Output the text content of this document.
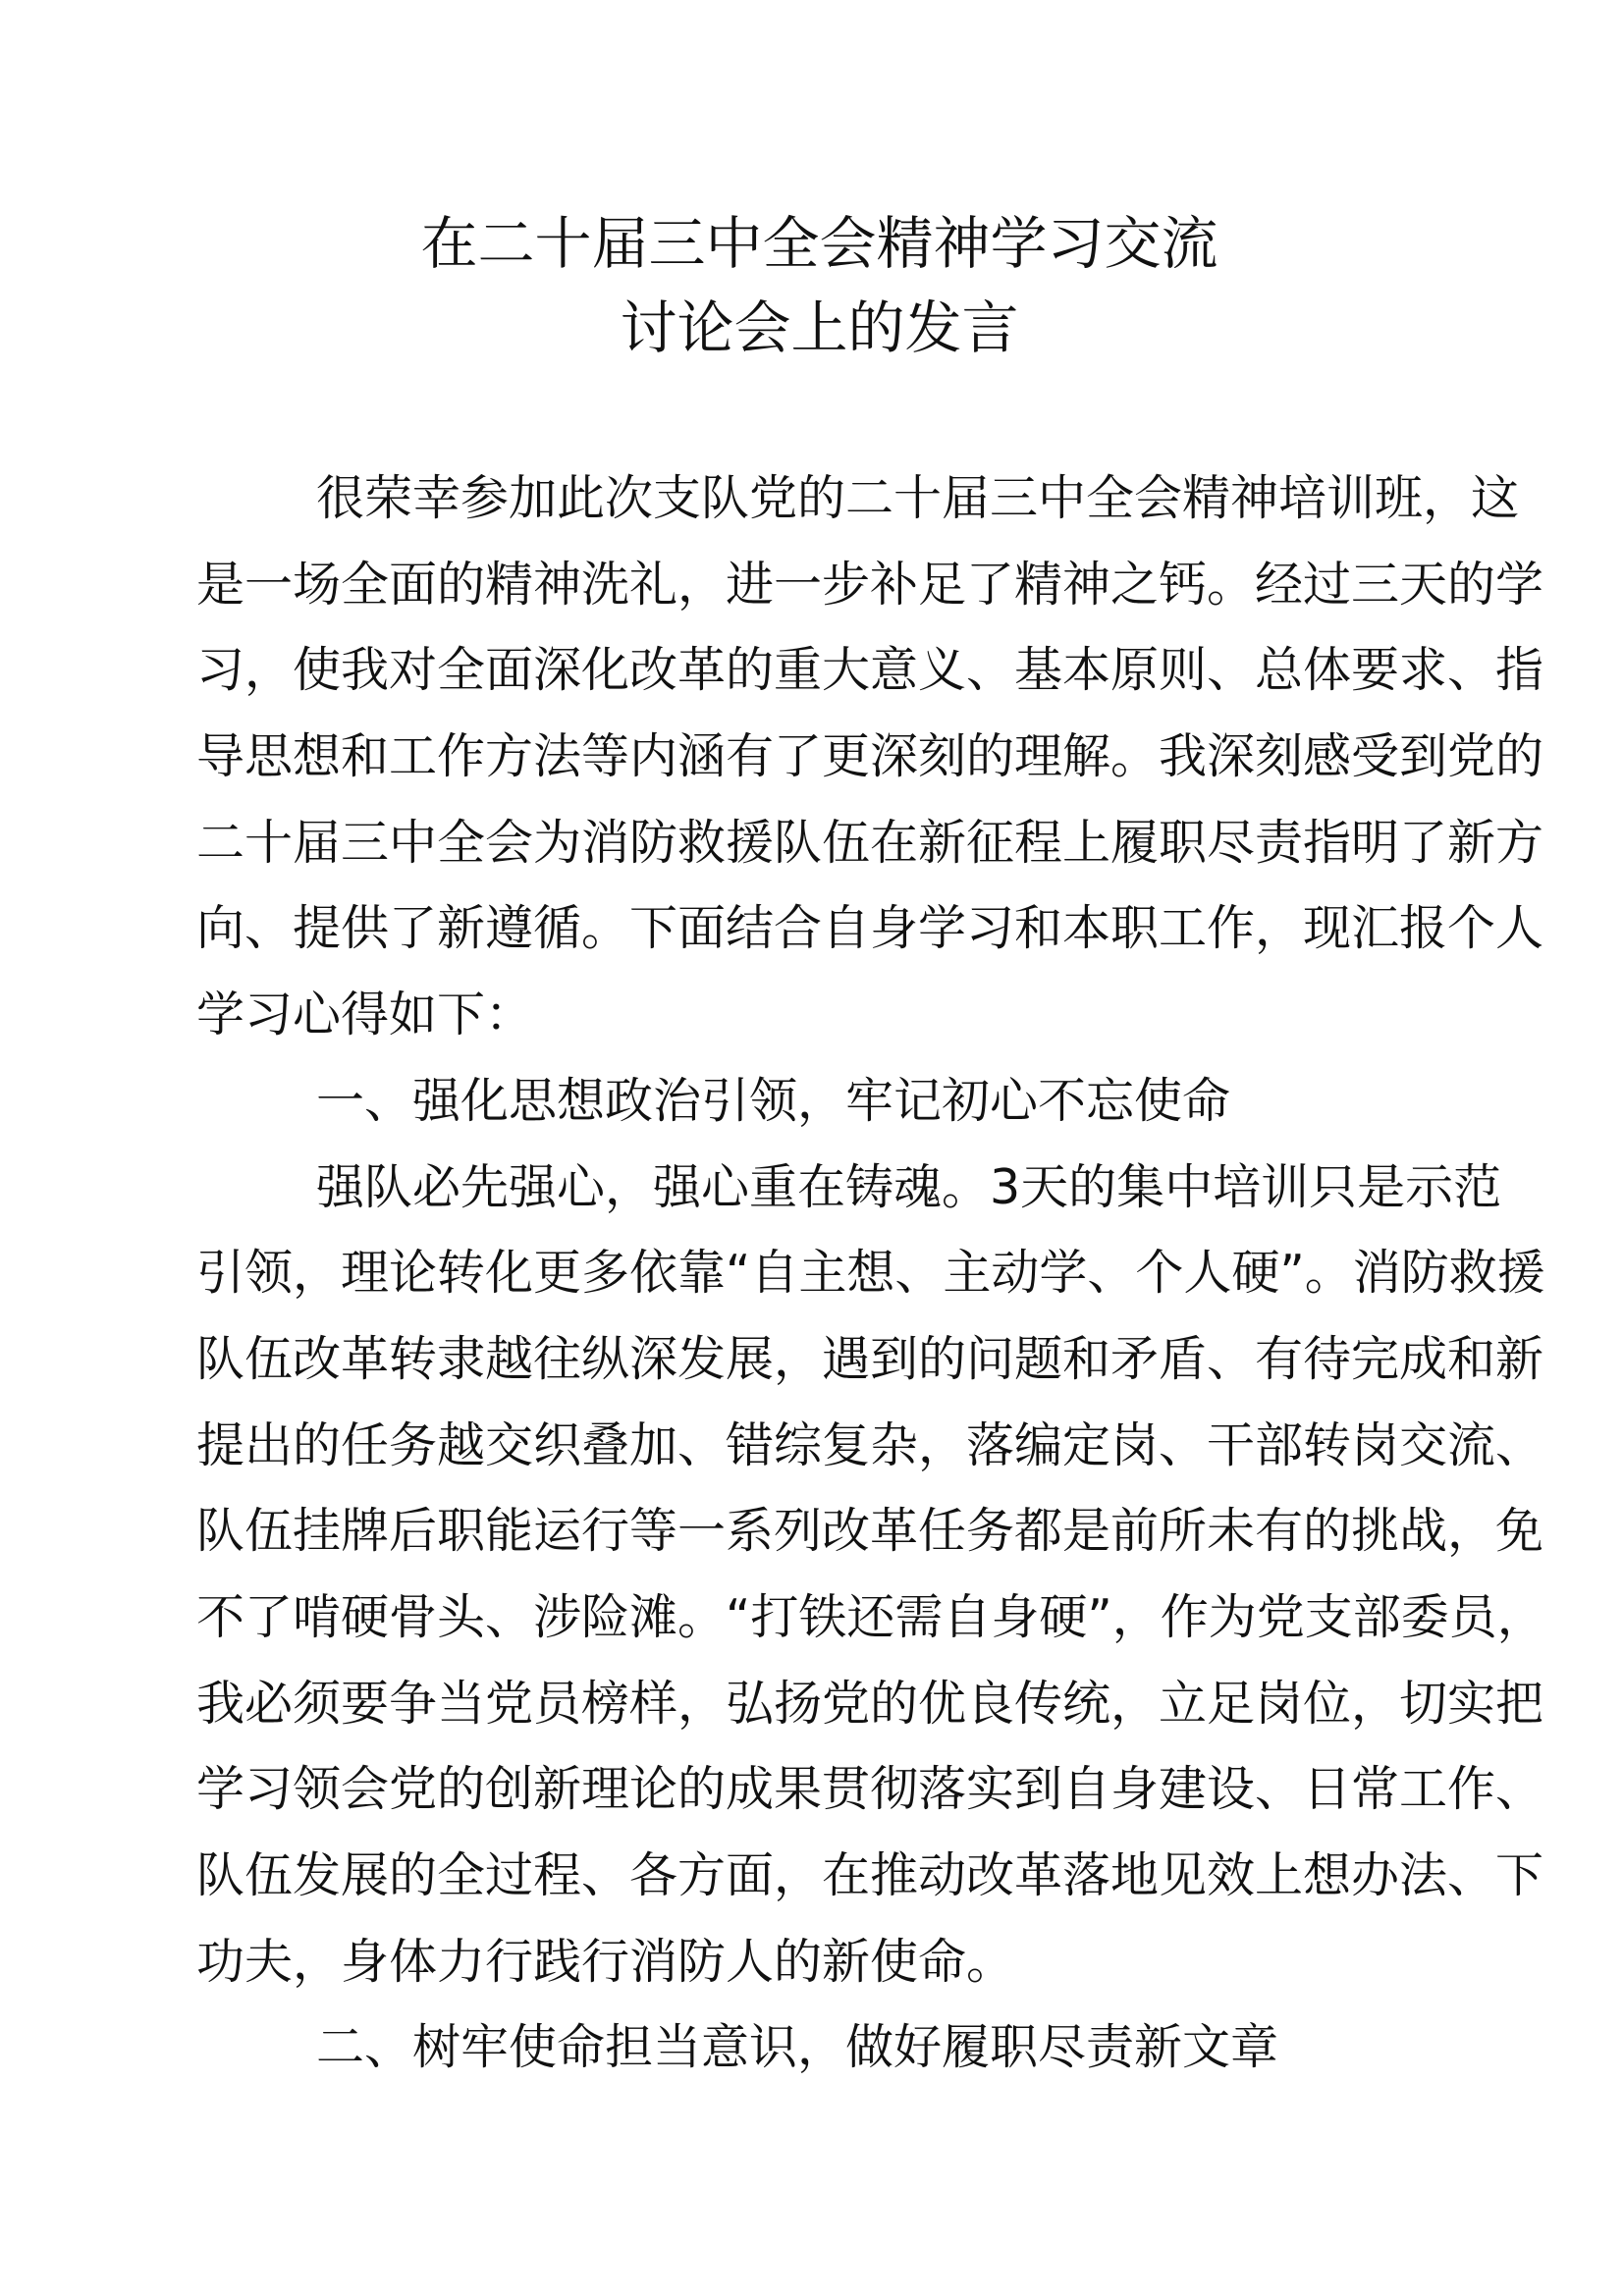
在二十届三中全会精神学习交流
讨论会上的发言
很荣幸参加此次支队党的二十届三中全会精神培训班，这
是一场全面的精神洗礼，进一步补足了精神之钙。经过三天的学
习，使我对全面深化改革的重大意义、基本原则、总体要求、指
导思想和工作方法等内涵有了更深刻的理解。我深刻感受到党的
二十届三中全会为消防救援队伍在新征程上履职尽责指明了新方
向、提供了新遵循。下面结合自身学习和本职工作，现汇报个人
学习心得如下：
一、强化思想政治引领，牢记初心不忘使命
强队必先强心，强心重在铸魂。3天的集中培训只是示范
引领，理论转化更多依靠“自主想、主动学、个人硬”。消防救援
队伍改革转隶越往纵深发展，遇到的问题和矛盾、有待完成和新
提出的任务越交织叠加、错综复杂，落编定岗、干部转岗交流、
队伍挂牌后职能运行等一系列改革任务都是前所未有的挑战，免
不了啃硬骨头、涉险滩。“打铁还需自身硬”，作为党支部委员，
我必须要争当党员榜样，弘扬党的优良传统，立足岗位，切实把
学习领会党的创新理论的成果贯彻落实到自身建设、日常工作、
队伍发展的全过程、各方面，在推动改革落地见效上想办法、下
功夫，身体力行践行消防人的新使命。
二、树牢使命担当意识，做好履职尽责新文章
